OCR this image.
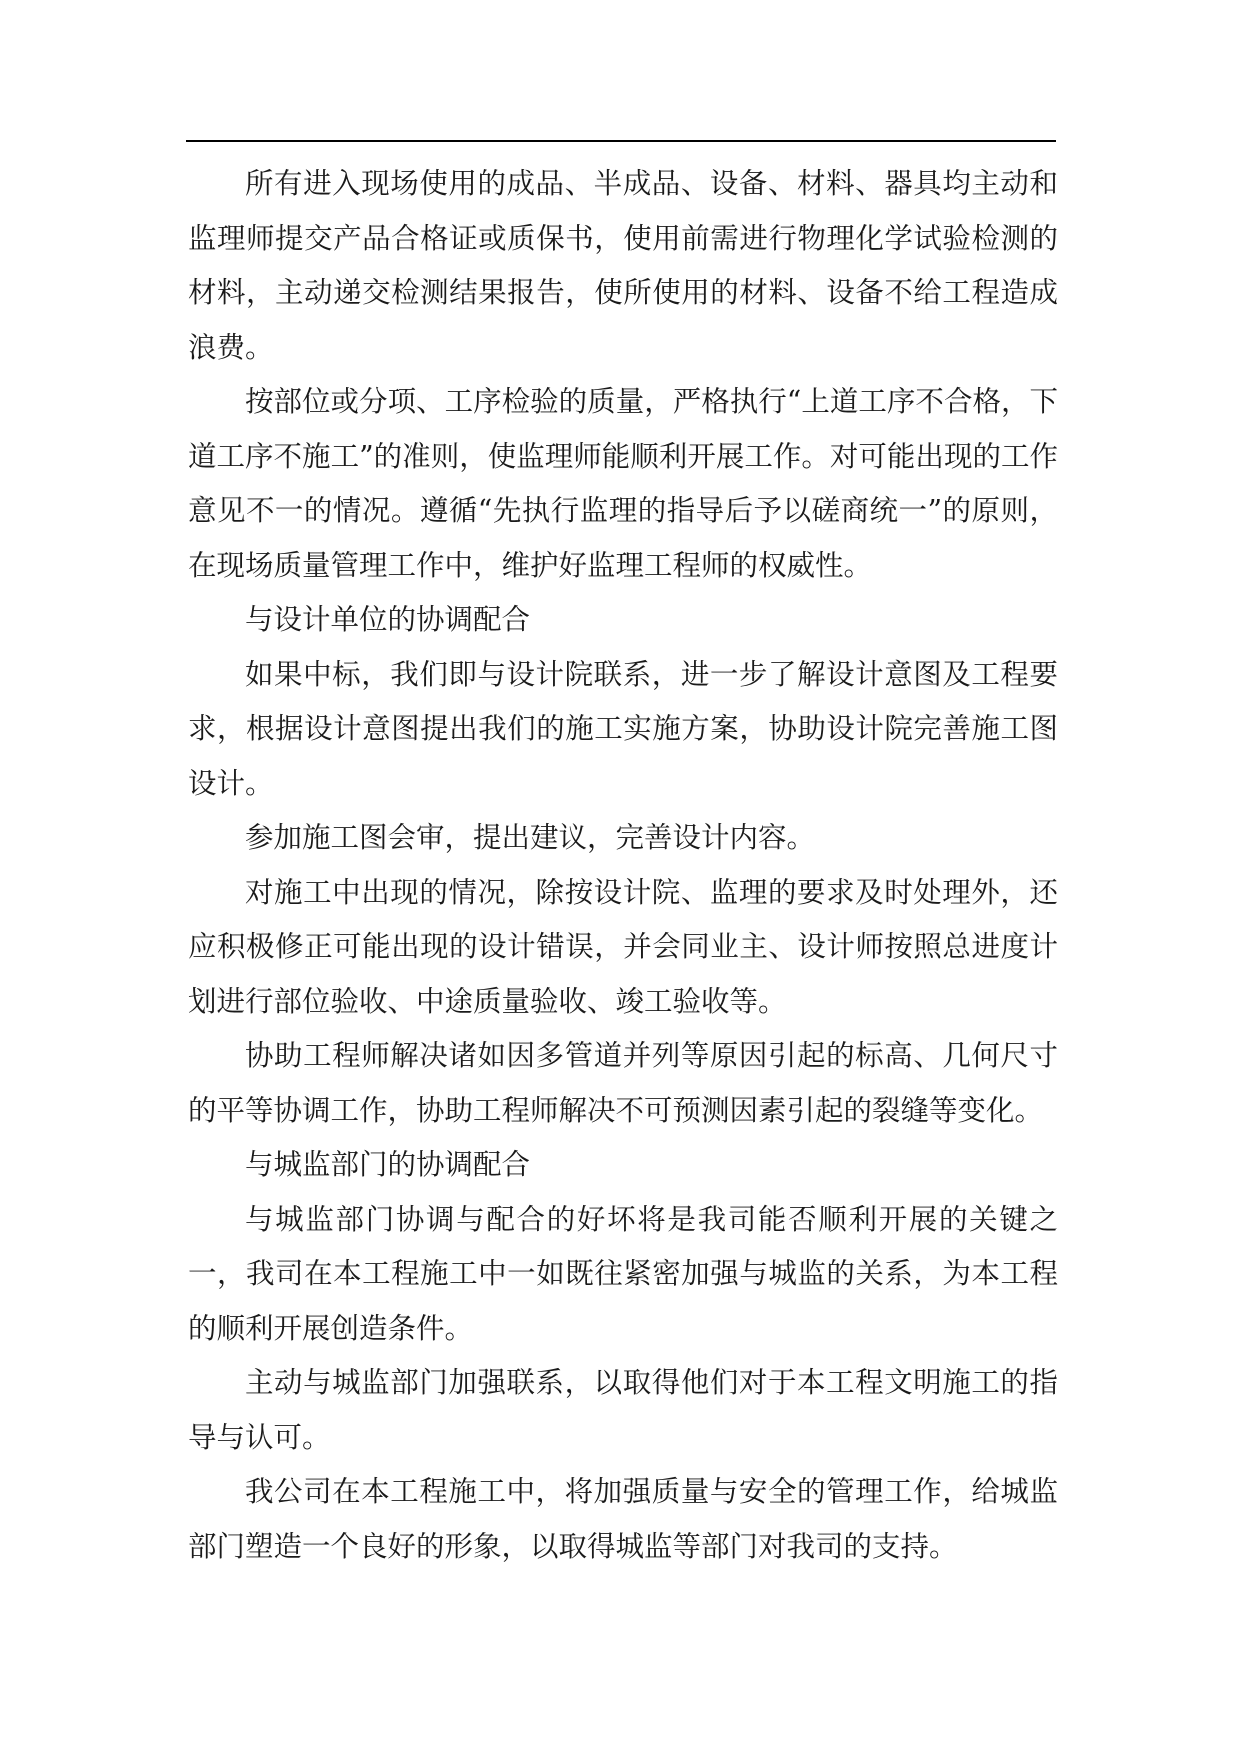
所有进入现场使用的成品、半成品、设备、材料、器具均主动和监理师提交产品合格证或质保书，使用前需进行物理化学试验检测的材料，主动递交检测结果报告，使所使用的材料、设备不给工程造成浪费。

按部位或分项、工序检验的质量，严格执行“上道工序不合格，下道工序不施工”的准则，使监理师能顺利开展工作。对可能出现的工作意见不一的情况。遵循“先执行监理的指导后予以磋商统一”的原则，在现场质量管理工作中，维护好监理工程师的权威性。

与设计单位的协调配合

如果中标，我们即与设计院联系，进一步了解设计意图及工程要求，根据设计意图提出我们的施工实施方案，协助设计院完善施工图设计。

参加施工图会审，提出建议，完善设计内容。

对施工中出现的情况，除按设计院、监理的要求及时处理外，还应积极修正可能出现的设计错误，并会同业主、设计师按照总进度计划进行部位验收、中途质量验收、竣工验收等。

协助工程师解决诸如因多管道并列等原因引起的标高、几何尺寸的平等协调工作，协助工程师解决不可预测因素引起的裂缝等变化。

与城监部门的协调配合

与城监部门协调与配合的好坏将是我司能否顺利开展的关键之一，我司在本工程施工中一如既往紧密加强与城监的关系，为本工程的顺利开展创造条件。

主动与城监部门加强联系，以取得他们对于本工程文明施工的指导与认可。

我公司在本工程施工中，将加强质量与安全的管理工作，给城监部门塑造一个良好的形象，以取得城监等部门对我司的支持。
